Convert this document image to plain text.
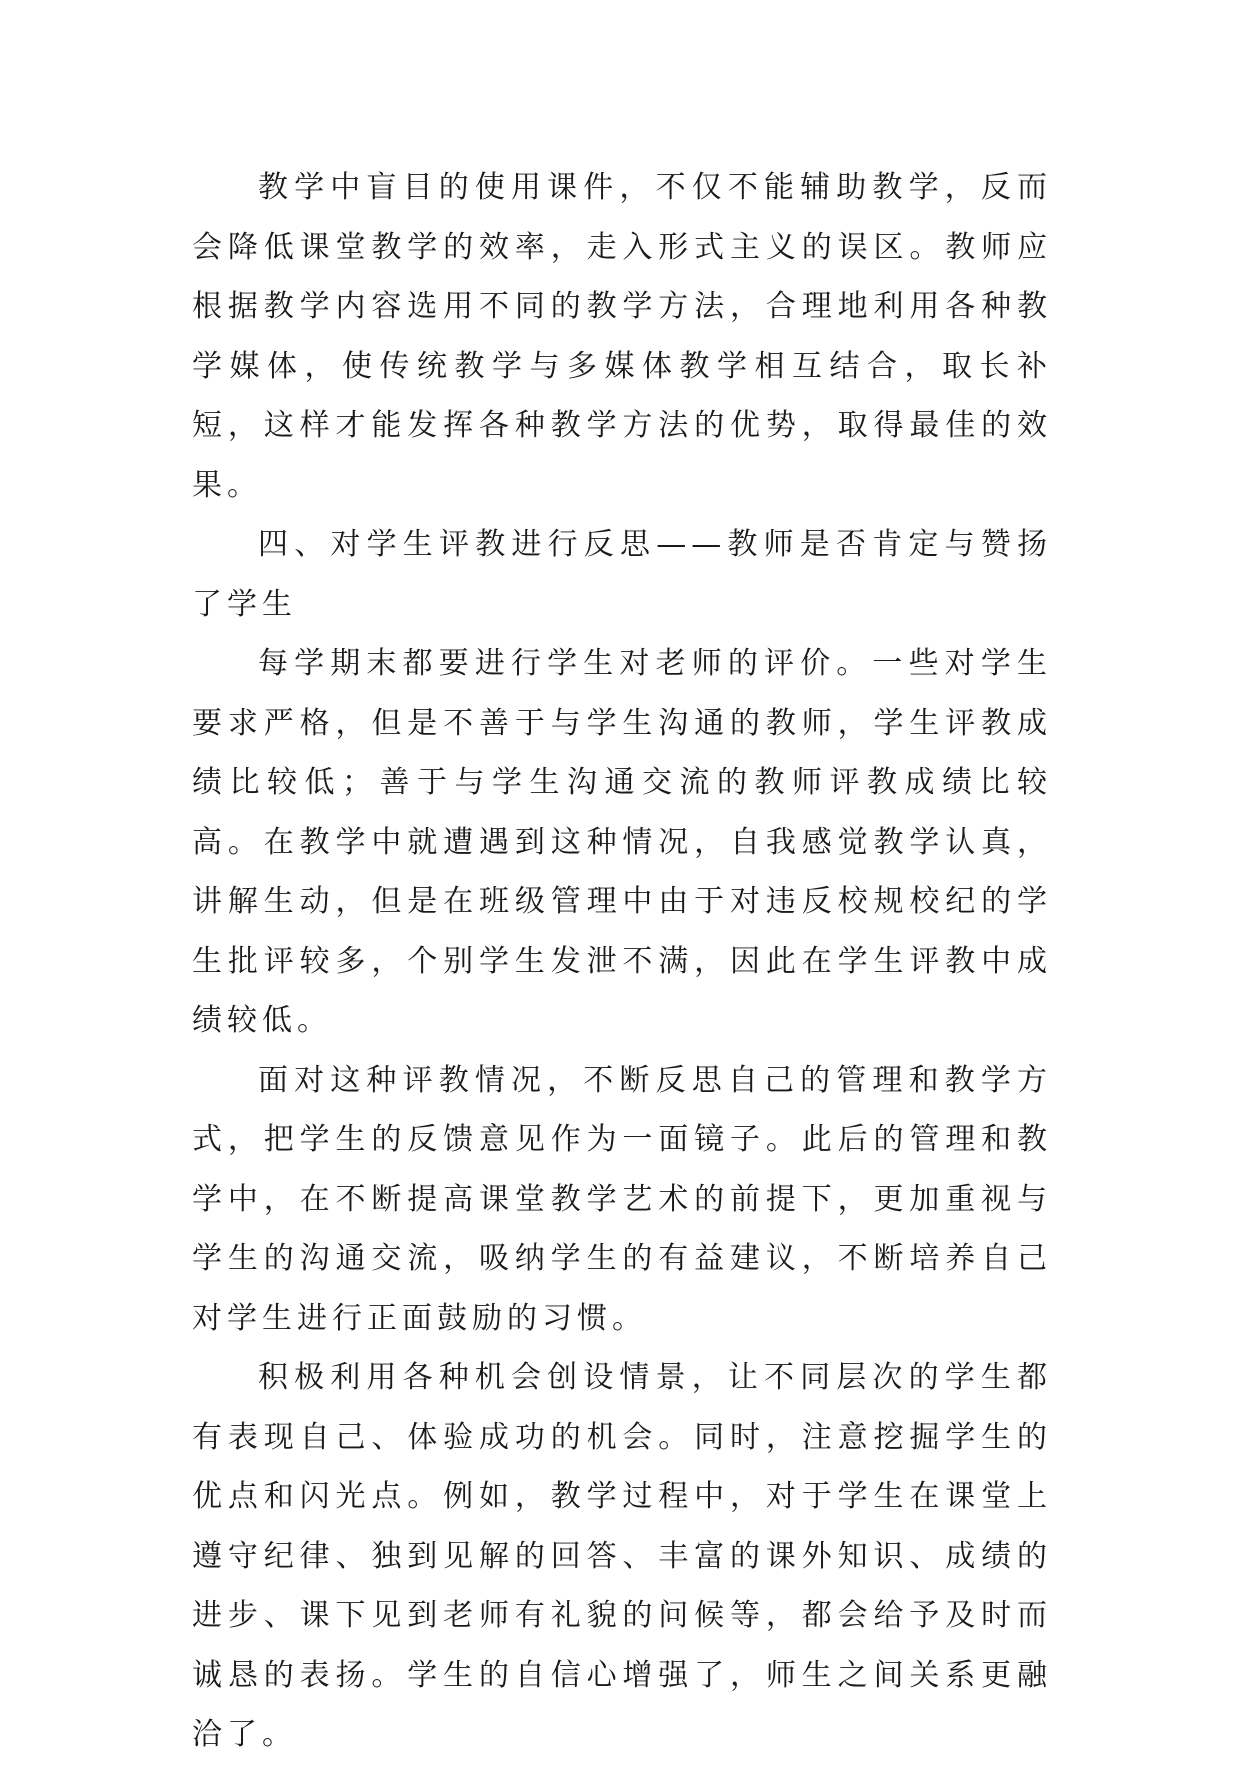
教学中盲目的使用课件，不仅不能辅助教学，反而会降低课堂教学的效率，走入形式主义的误区。教师应根据教学内容选用不同的教学方法，合理地利用各种教学媒体，使传统教学与多媒体教学相互结合，取长补短，这样才能发挥各种教学方法的优势，取得最佳的效果。

四、对学生评教进行反思——教师是否肯定与赞扬了学生

每学期末都要进行学生对老师的评价。一些对学生要求严格，但是不善于与学生沟通的教师，学生评教成绩比较低；善于与学生沟通交流的教师评教成绩比较高。在教学中就遭遇到这种情况，自我感觉教学认真，讲解生动，但是在班级管理中由于对违反校规校纪的学生批评较多，个别学生发泄不满，因此在学生评教中成绩较低。

面对这种评教情况，不断反思自己的管理和教学方式，把学生的反馈意见作为一面镜子。此后的管理和教学中，在不断提高课堂教学艺术的前提下，更加重视与学生的沟通交流，吸纳学生的有益建议，不断培养自己对学生进行正面鼓励的习惯。

积极利用各种机会创设情景，让不同层次的学生都有表现自己、体验成功的机会。同时，注意挖掘学生的优点和闪光点。例如，教学过程中，对于学生在课堂上遵守纪律、独到见解的回答、丰富的课外知识、成绩的进步、课下见到老师有礼貌的问候等，都会给予及时而诚恳的表扬。学生的自信心增强了，师生之间关系更融洽了。
